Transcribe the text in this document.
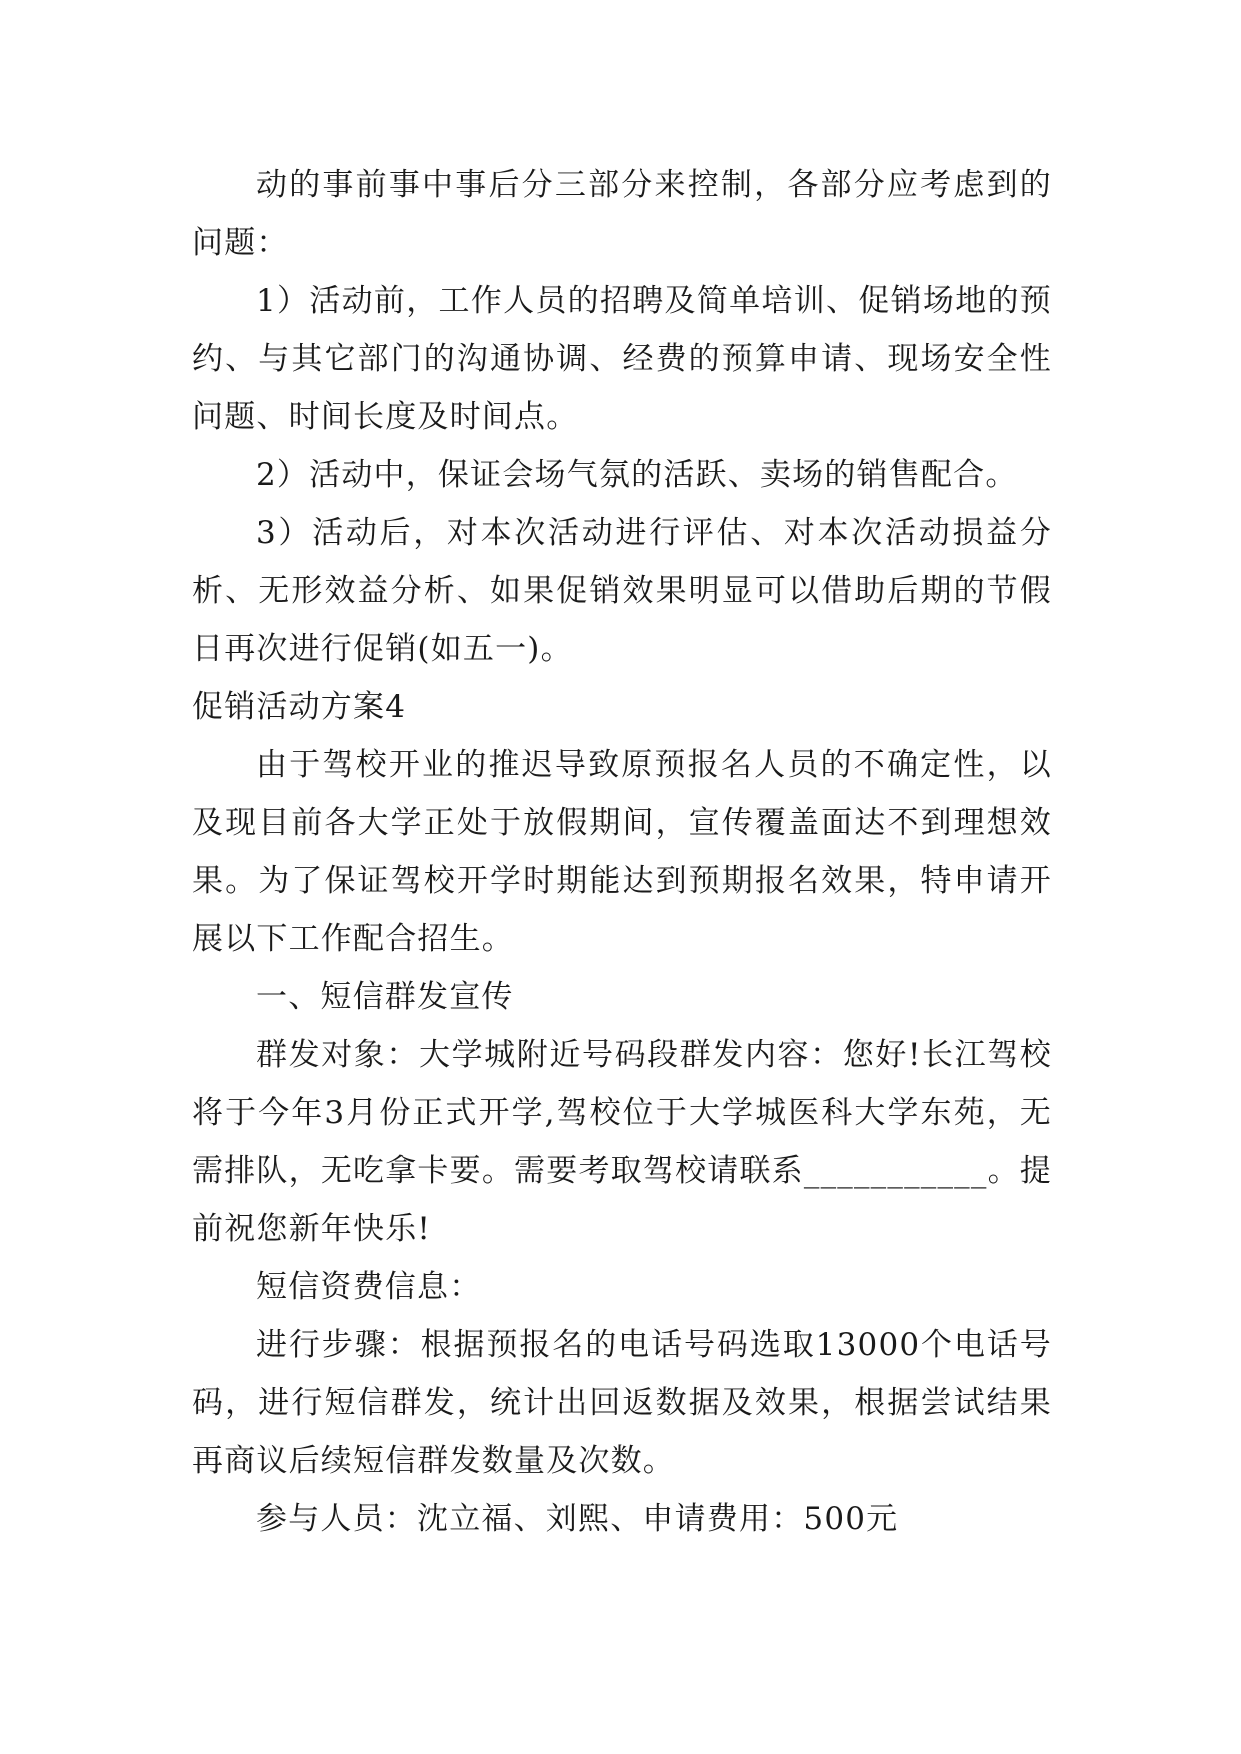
动的事前事中事后分三部分来控制，各部分应考虑到的问题：

1）活动前，工作人员的招聘及简单培训、促销场地的预约、与其它部门的沟通协调、经费的预算申请、现场安全性问题、时间长度及时间点。

2）活动中，保证会场气氛的活跃、卖场的销售配合。

3）活动后，对本次活动进行评估、对本次活动损益分析、无形效益分析、如果促销效果明显可以借助后期的节假日再次进行促销(如五一)。

促销活动方案4

由于驾校开业的推迟导致原预报名人员的不确定性，以及现目前各大学正处于放假期间，宣传覆盖面达不到理想效果。为了保证驾校开学时期能达到预期报名效果，特申请开展以下工作配合招生。

一、短信群发宣传

群发对象：大学城附近号码段群发内容：您好!长江驾校将于今年3月份正式开学,驾校位于大学城医科大学东苑，无需排队，无吃拿卡要。需要考取驾校请联系___________。提前祝您新年快乐!

短信资费信息：

进行步骤：根据预报名的电话号码选取13000个电话号码，进行短信群发，统计出回返数据及效果，根据尝试结果再商议后续短信群发数量及次数。

参与人员：沈立福、刘熙、申请费用：500元
